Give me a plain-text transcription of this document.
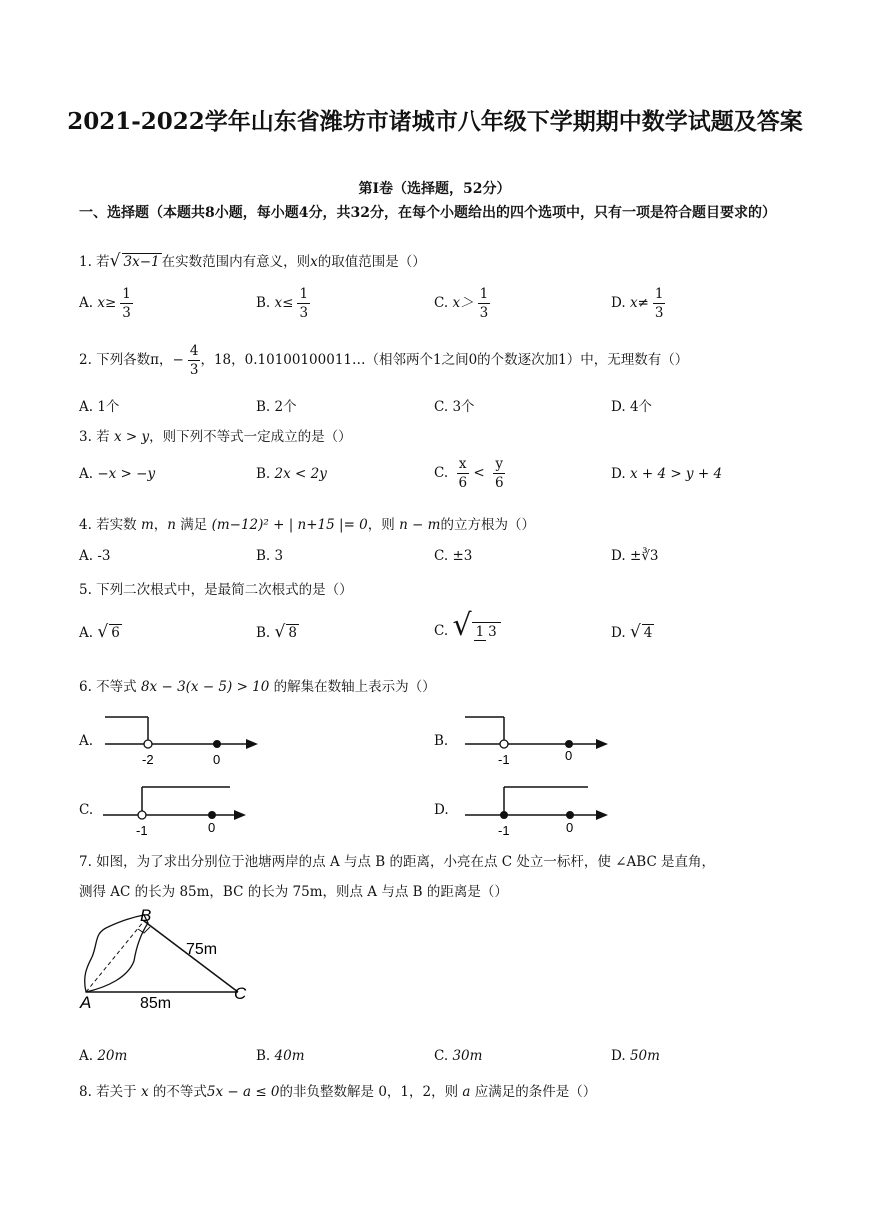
2021-2022学年山东省潍坊市诸城市八年级下学期期中数学试题及答案
第Ⅰ卷（选择题，52分）
一、选择题（本题共8小题，每小题4分，共32分，在每个小题给出的四个选项中，只有一项是符合题目要求的）
1. 若√ 3x−1 在实数范围内有意义，则x的取值范围是（）
A. $x\ge \frac{1}{3}$	B. $x\le \frac{1}{3}$	C. $x> \frac{1}{3}$	D. $x\ne \frac{1}{3}$
2. 下列各数π，− $\frac{4}{3}$ ，18，0.10100100011…（相邻两个1之间0的个数逐次加1）中，无理数有（）
A. 1个	B. 2个	C. 3个	D. 4个
3. 若 x > y，则下列不等式一定成立的是（）
A. −x > −y	B. 2x < 2y	C. $\frac{x}{6} < \frac{y}{6}$	D. x + 4 > y + 4
4. 若实数 m，n 满足 (m−12)² + | n+15 |= 0，则 n − m的立方根为（）
A. -3	B. 3	C. ±3	D. ±∛3
5. 下列二次根式中，是最简二次根式的是（）
A. √ 6	B. √ 8	C. √ 1 3	D. √ 4
6. 不等式 8x − 3(x − 5) > 10 的解集在数轴上表示为（）
A.
-2	0
B.
-1	0
C.
-1	0
D.
-1	0
7. 如图，为了求出分别位于池塘两岸的点 A 与点 B 的距离，小亮在点 C 处立一标杆，使 ∠ABC 是直角，
测得 AC 的长为 85m，BC 的长为 75m，则点 A 与点 B 的距离是（）
B
A	C
75m
85m
A. 20m	B. 40m	C. 30m	D. 50m
8. 若关于 x 的不等式5x − a ≤ 0的非负整数解是 0，1，2，则 a 应满足的条件是（）
